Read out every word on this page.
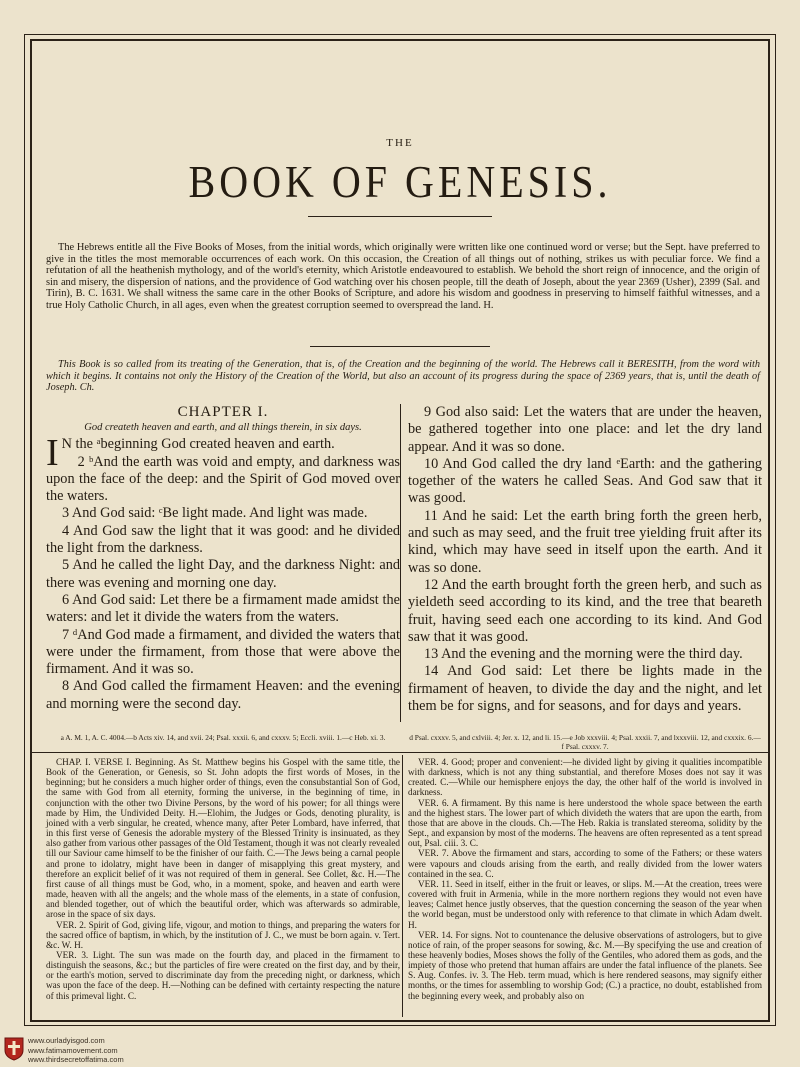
THE
BOOK OF GENESIS.
The Hebrews entitle all the Five Books of Moses, from the initial words, which originally were written like one continued word or verse; but the Sept. have preferred to give in the titles the most memorable occurrences of each work. On this occasion, the Creation of all things out of nothing, strikes us with peculiar force. We find a refutation of all the heathenish mythology, and of the world's eternity, which Aristotle endeavoured to establish. We behold the short reign of innocence, and the origin of sin and misery, the dispersion of nations, and the providence of God watching over his chosen people, till the death of Joseph, about the year 2369 (Usher), 2399 (Sal. and Tirin), B. C. 1631. We shall witness the same care in the other Books of Scripture, and adore his wisdom and goodness in preserving to himself faithful witnesses, and a true Holy Catholic Church, in all ages, even when the greatest corruption seemed to overspread the land. H.
This Book is so called from its treating of the Generation, that is, of the Creation and the beginning of the world. The Hebrews call it BERESITH, from the word with which it begins. It contains not only the History of the Creation of the World, but also an account of its progress during the space of 2369 years, that is, until the death of Joseph. Ch.
CHAPTER I.
God createth heaven and earth, and all things therein, in six days.
I N the ᵃbeginning God created heaven and earth.
2 ᵇAnd the earth was void and empty, and darkness was upon the face of the deep: and the Spirit of God moved over the waters.
3 And God said: ᶜBe light made. And light was made.
4 And God saw the light that it was good: and he divided the light from the darkness.
5 And he called the light Day, and the darkness Night: and there was evening and morning one day.
6 And God said: Let there be a firmament made amidst the waters: and let it divide the waters from the waters.
7 ᵈAnd God made a firmament, and divided the waters that were under the firmament, from those that were above the firmament. And it was so.
8 And God called the firmament Heaven: and the evening and morning were the second day.
9 God also said: Let the waters that are under the heaven, be gathered together into one place: and let the dry land appear. And it was so done.
10 And God called the dry land ᵉEarth: and the gathering together of the waters he called Seas. And God saw that it was good.
11 And he said: Let the earth bring forth the green herb, and such as may seed, and the fruit tree yielding fruit after its kind, which may have seed in itself upon the earth. And it was so done.
12 And the earth brought forth the green herb, and such as yieldeth seed according to its kind, and the tree that beareth fruit, having seed each one according to its kind. And God saw that it was good.
13 And the evening and the morning were the third day.
14 And God said: Let there be lights made in the firmament of heaven, to divide the day and the night, and let them be for signs, and for seasons, and for days and years.
a A. M. 1, A. C. 4004.—b Acts xiv. 14, and xvii. 24; Psal. xxxii. 6, and cxxxv. 5; Eccli. xviii. 1.—c Heb. xi. 3.	d Psal. cxxxv. 5, and cxlviii. 4; Jer. x. 12, and li. 15.—e Job xxxviii. 4; Psal. xxxii. 7, and lxxxviii. 12, and cxxxix. 6.—f Psal. cxxxv. 7.
CHAP. I. VERSE I. Beginning. As St. Matthew begins his Gospel with the same title, the Book of the Generation, or Genesis, so St. John adopts the first words of Moses, in the beginning; but he considers a much higher order of things, even the consubstantial Son of God, the same with God from all eternity, forming the universe, in the beginning of time, in conjunction with the other two Divine Persons, by the word of his power; for all things were made by Him, the Undivided Deity. H.—Elohim, the Judges or Gods, denoting plurality, is joined with a verb singular, he created, whence many, after Peter Lombard, have inferred, that in this first verse of Genesis the adorable mystery of the Blessed Trinity is insinuated, as they also gather from various other passages of the Old Testament, though it was not clearly revealed till our Saviour came himself to be the finisher of our faith. C.—The Jews being a carnal people and prone to idolatry, might have been in danger of misapplying this great mystery, and therefore an explicit belief of it was not required of them in general. See Collet, &c. H.—The first cause of all things must be God, who, in a moment, spoke, and heaven and earth were made, heaven with all the angels; and the whole mass of the elements, in a state of confusion, and blended together, out of which the beautiful order, which was afterwards so admirable, arose in the space of six days.
VER. 2. Spirit of God, giving life, vigour, and motion to things, and preparing the waters for the sacred office of baptism, in which, by the institution of J. C., we must be born again. v. Tert. &c. W. H.
VER. 3. Light. The sun was made on the fourth day, and placed in the firmament to distinguish the seasons, &c.; but the particles of fire were created on the first day, and by their, or the earth's motion, served to discriminate day from the preceding night, or darkness, which was upon the face of the deep. H.—Nothing can be defined with certainty respecting the nature of this primeval light. C.
VER. 4. Good; proper and convenient:—he divided light by giving it qualities incompatible with darkness, which is not any thing substantial, and therefore Moses does not say it was created. C.—While our hemisphere enjoys the day, the other half of the world is involved in darkness.
VER. 6. A firmament. By this name is here understood the whole space between the earth and the highest stars. The lower part of which divideth the waters that are upon the earth, from those that are above in the clouds. Ch.—The Heb. Rakia is translated stereoma, solidity by the Sept., and expansion by most of the moderns. The heavens are often represented as a tent spread out, Psal. ciii. 3. C.
VER. 7. Above the firmament and stars, according to some of the Fathers; or these waters were vapours and clouds arising from the earth, and really divided from the lower waters contained in the sea. C.
VER. 11. Seed in itself, either in the fruit or leaves, or slips. M.—At the creation, trees were covered with fruit in Armenia, while in the more northern regions they would not even have leaves; Calmet hence justly observes, that the question concerning the season of the year when the world began, must be understood only with reference to that climate in which Adam dwelt. H.
VER. 14. For signs. Not to countenance the delusive observations of astrologers, but to give notice of rain, of the proper seasons for sowing, &c. M.—By specifying the use and creation of these heavenly bodies, Moses shows the folly of the Gentiles, who adored them as gods, and the impiety of those who pretend that human affairs are under the fatal influence of the planets. See S. Aug. Confes. iv. 3. The Heb. term muad, which is here rendered seasons, may signify either months, or the times for assembling to worship God; (C.) a practice, no doubt, established from the beginning every week, and probably also on
www.ourladyisgod.com
www.fatimamovement.com
www.thirdsecretoffatima.com
